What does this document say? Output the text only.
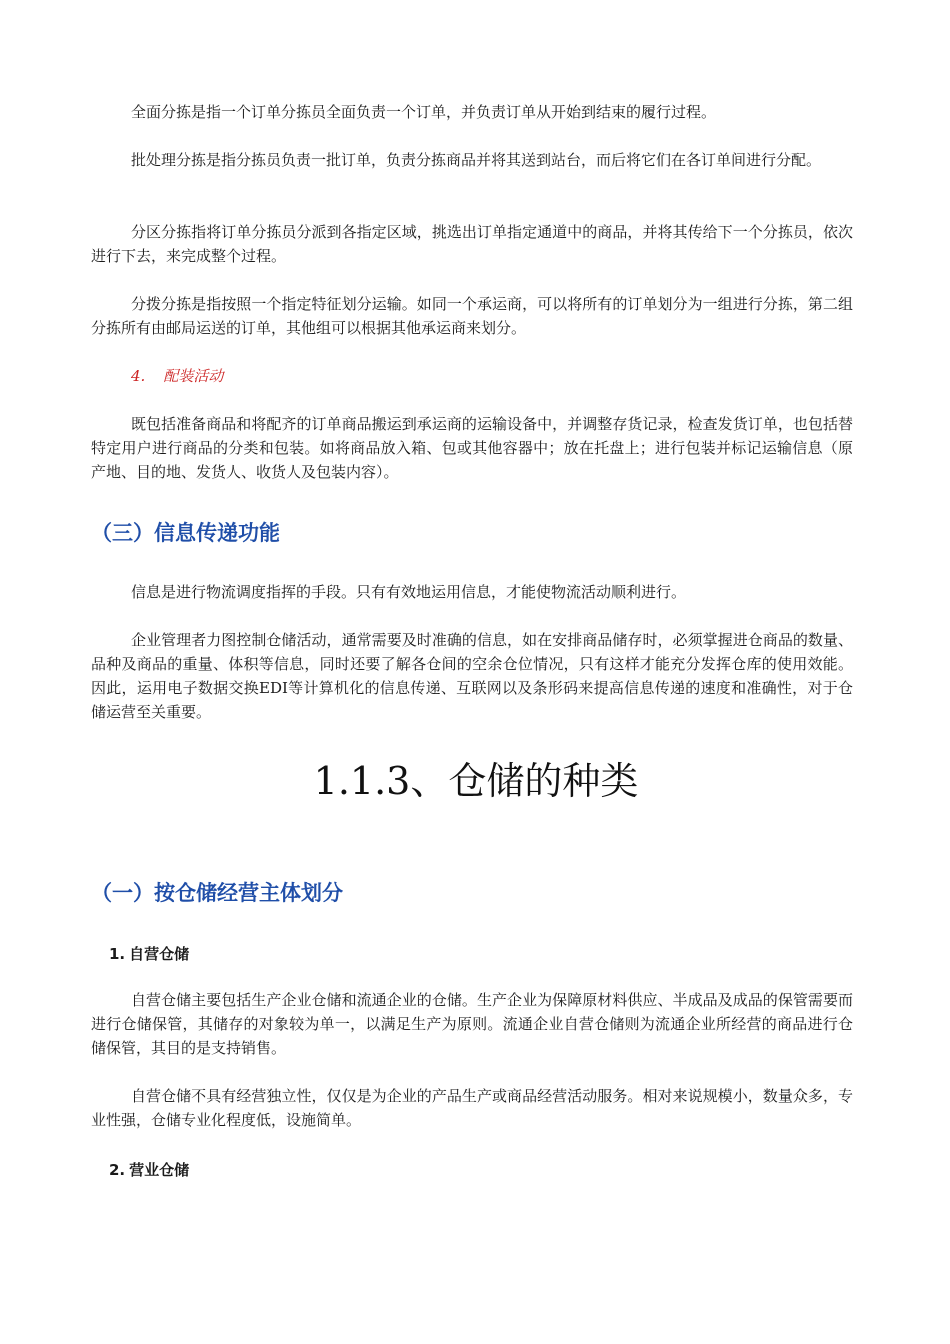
全面分拣是指一个订单分拣员全面负责一个订单，并负责订单从开始到结束的履行过程。

批处理分拣是指分拣员负责一批订单，负责分拣商品并将其送到站台，而后将它们在各订单间进行分配。

分区分拣指将订单分拣员分派到各指定区域，挑选出订单指定通道中的商品，并将其传给下一个分拣员，依次进行下去，来完成整个过程。

分拨分拣是指按照一个指定特征划分运输。如同一个承运商，可以将所有的订单划分为一组进行分拣，第二组分拣所有由邮局运送的订单，其他组可以根据其他承运商来划分。

4. 配装活动

既包括准备商品和将配齐的订单商品搬运到承运商的运输设备中，并调整存货记录，检查发货订单，也包括替特定用户进行商品的分类和包装。如将商品放入箱、包或其他容器中；放在托盘上；进行包装并标记运输信息（原产地、目的地、发货人、收货人及包装内容）。

（三）信息传递功能

信息是进行物流调度指挥的手段。只有有效地运用信息，才能使物流活动顺利进行。

企业管理者力图控制仓储活动，通常需要及时准确的信息，如在安排商品储存时，必须掌握进仓商品的数量、品种及商品的重量、体积等信息，同时还要了解各仓间的空余仓位情况，只有这样才能充分发挥仓库的使用效能。因此，运用电子数据交换EDI等计算机化的信息传递、互联网以及条形码来提高信息传递的速度和准确性，对于仓储运营至关重要。

1.1.3、仓储的种类
（一）按仓储经营主体划分

1. 自营仓储

自营仓储主要包括生产企业仓储和流通企业的仓储。生产企业为保障原材料供应、半成品及成品的保管需要而进行仓储保管，其储存的对象较为单一，以满足生产为原则。流通企业自营仓储则为流通企业所经营的商品进行仓储保管，其目的是支持销售。

自营仓储不具有经营独立性，仅仅是为企业的产品生产或商品经营活动服务。相对来说规模小，数量众多，专业性强，仓储专业化程度低，设施简单。

2. 营业仓储
